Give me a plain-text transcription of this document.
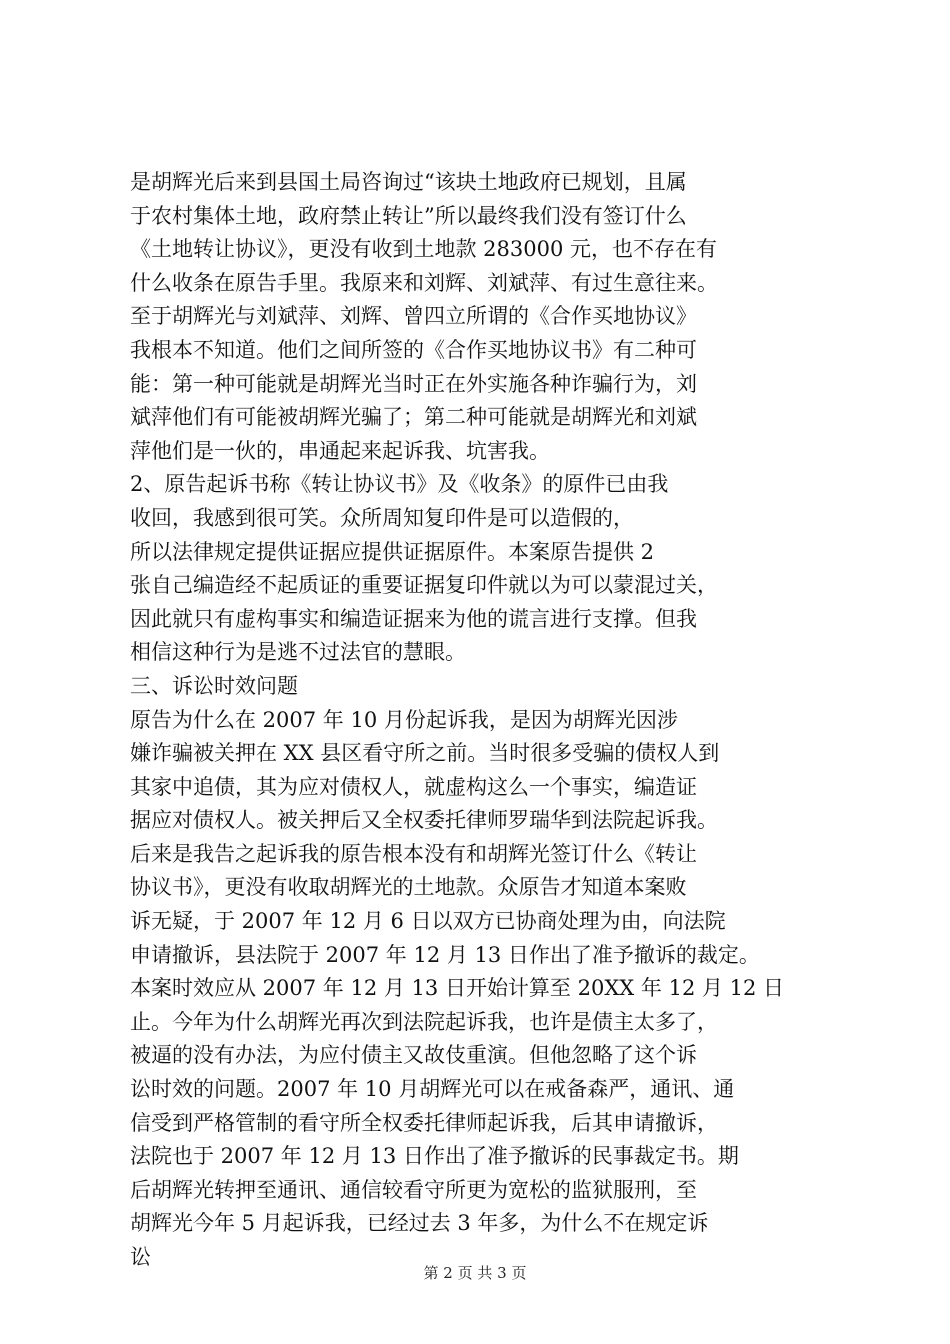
是胡辉光后来到县国土局咨询过“该块土地政府已规划，且属
于农村集体土地，政府禁止转让”所以最终我们没有签订什么
《土地转让协议》，更没有收到土地款 283000 元，也不存在有
什么收条在原告手里。我原来和刘辉、刘斌萍、有过生意往来。
至于胡辉光与刘斌萍、刘辉、曾四立所谓的《合作买地协议》
我根本不知道。他们之间所签的《合作买地协议书》有二种可
能：第一种可能就是胡辉光当时正在外实施各种诈骗行为，刘
斌萍他们有可能被胡辉光骗了；第二种可能就是胡辉光和刘斌
萍他们是一伙的，串通起来起诉我、坑害我。
2、原告起诉书称《转让协议书》及《收条》的原件已由我
收回，我感到很可笑。众所周知复印件是可以造假的，
所以法律规定提供证据应提供证据原件。本案原告提供 2
张自己编造经不起质证的重要证据复印件就以为可以蒙混过关，
因此就只有虚构事实和编造证据来为他的谎言进行支撑。但我
相信这种行为是逃不过法官的慧眼。
三、诉讼时效问题
原告为什么在 2007 年 10 月份起诉我，是因为胡辉光因涉
嫌诈骗被关押在 XX 县区看守所之前。当时很多受骗的债权人到
其家中追债，其为应对债权人，就虚构这么一个事实，编造证
据应对债权人。被关押后又全权委托律师罗瑞华到法院起诉我。
后来是我告之起诉我的原告根本没有和胡辉光签订什么《转让
协议书》，更没有收取胡辉光的土地款。众原告才知道本案败
诉无疑，于 2007 年 12 月 6 日以双方已协商处理为由，向法院
申请撤诉，县法院于 2007 年 12 月 13 日作出了准予撤诉的裁定。
本案时效应从 2007 年 12 月 13 日开始计算至 20XX 年 12 月 12 日
止。今年为什么胡辉光再次到法院起诉我，也许是债主太多了，
被逼的没有办法，为应付债主又故伎重演。但他忽略了这个诉
讼时效的问题。2007 年 10 月胡辉光可以在戒备森严，通讯、通
信受到严格管制的看守所全权委托律师起诉我，后其申请撤诉，
法院也于 2007 年 12 月 13 日作出了准予撤诉的民事裁定书。期
后胡辉光转押至通讯、通信较看守所更为宽松的监狱服刑，至
胡辉光今年 5 月起诉我，已经过去 3 年多，为什么不在规定诉
讼
第 2 页 共 3 页
